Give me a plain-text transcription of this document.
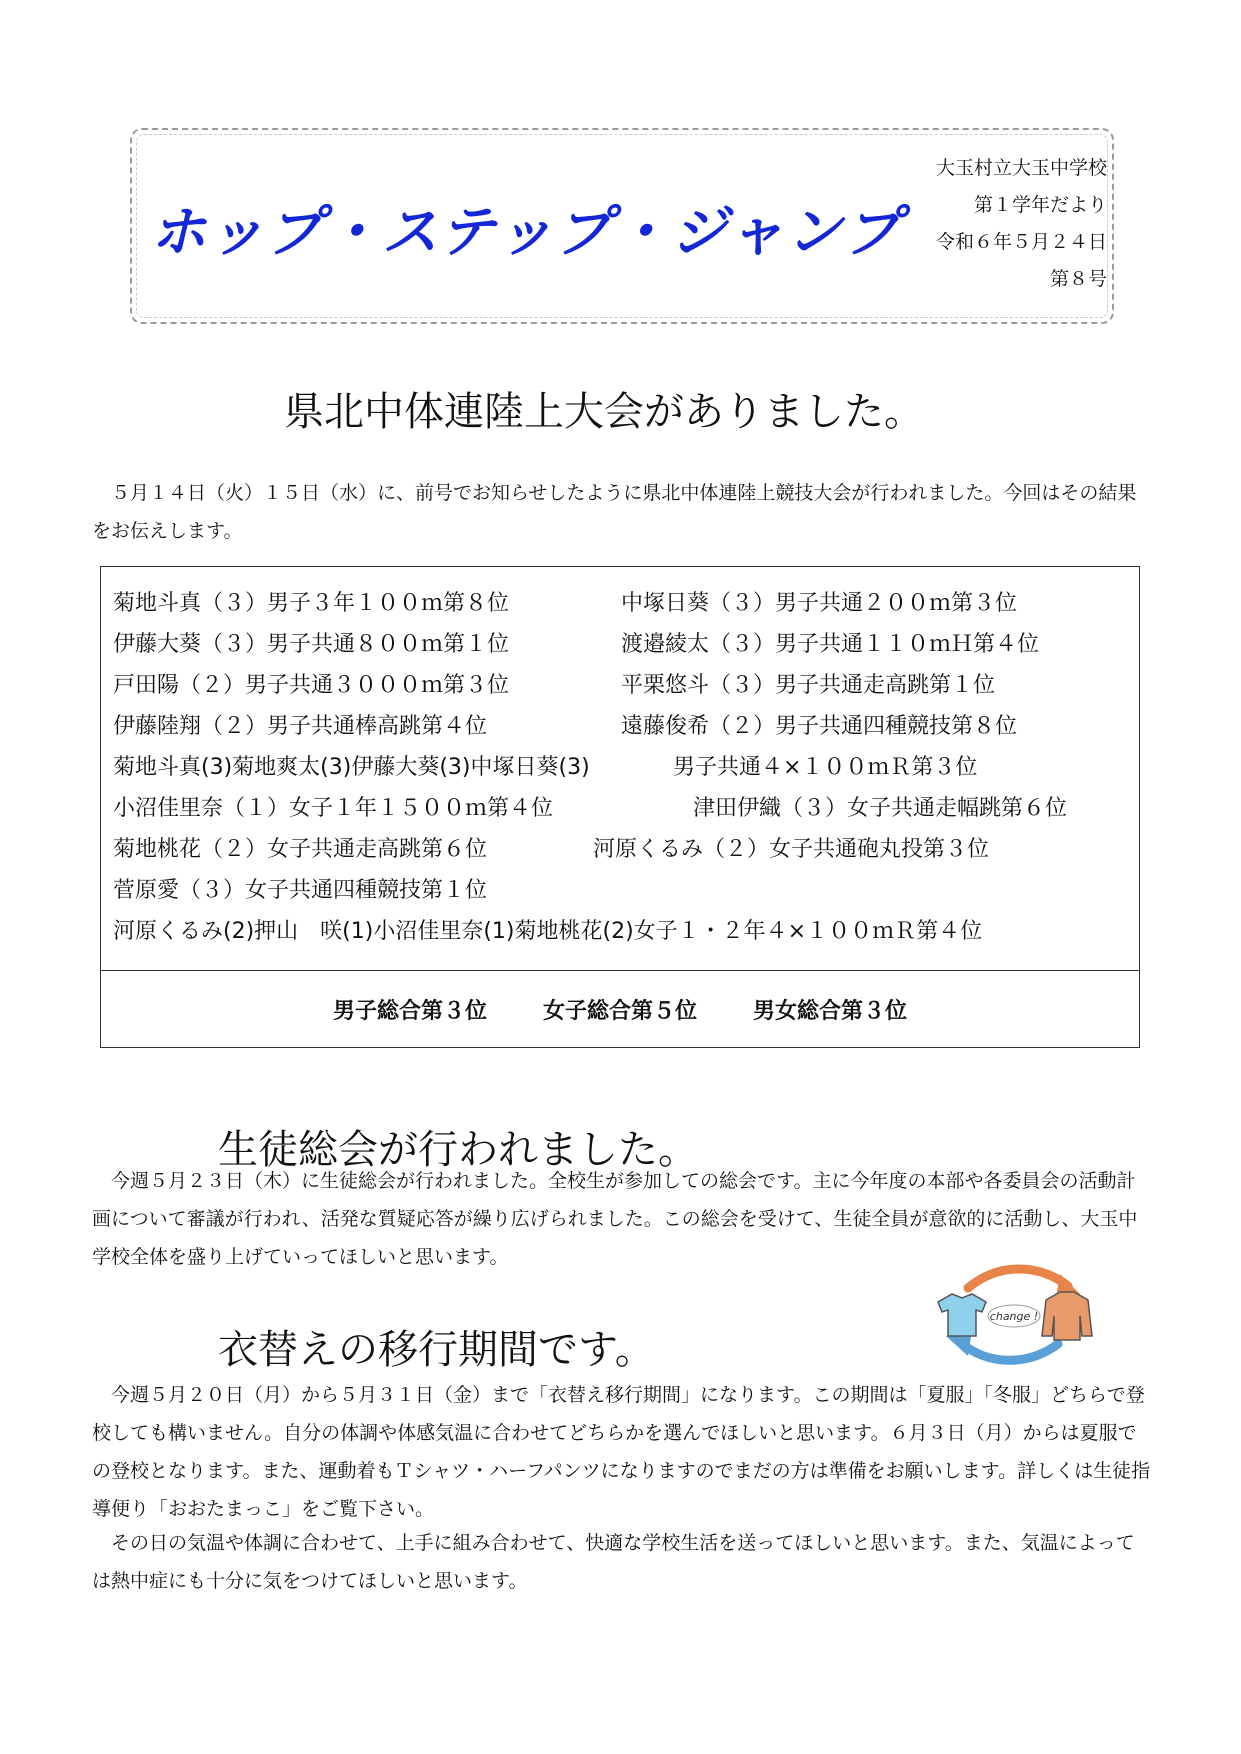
ホップ・ステップ・ジャンプ
大玉村立大玉中学校
第１学年だより
令和６年５月２４日
第８号
県北中体連陸上大会がありました。

５月１４日（火）１５日（水）に、前号でお知らせしたように県北中体連陸上競技大会が行われました。今回はその結果をお伝えします。

菊地斗真（３）男子３年１００ｍ第８位	中塚日葵（３）男子共通２００ｍ第３位
伊藤大葵（３）男子共通８００ｍ第１位	渡邉綾太（３）男子共通１１０ｍＨ第４位
戸田陽（２）男子共通３０００ｍ第３位	平栗悠斗（３）男子共通走高跳第１位
伊藤陸翔（２）男子共通棒高跳第４位	遠藤俊希（２）男子共通四種競技第８位
菊地斗真(3)菊地爽太(3)伊藤大葵(3)中塚日葵(3)	男子共通４×１００ｍＲ第３位
小沼佳里奈（１）女子１年１５００ｍ第４位	津田伊織（３）女子共通走幅跳第６位
菊地桃花（２）女子共通走高跳第６位	河原くるみ（２）女子共通砲丸投第３位
菅原愛（３）女子共通四種競技第１位
河原くるみ(2)押山　咲(1)小沼佳里奈(1)菊地桃花(2)女子１・２年４×１００ｍＲ第４位
男子総合第３位	女子総合第５位	男女総合第３位
生徒総会が行われました。

今週５月２３日（木）に生徒総会が行われました。全校生が参加しての総会です。主に今年度の本部や各委員会の活動計画について審議が行われ、活発な質疑応答が繰り広げられました。この総会を受けて、生徒全員が意欲的に活動し、大玉中学校全体を盛り上げていってほしいと思います。

change !
衣替えの移行期間です。

今週５月２０日（月）から５月３１日（金）まで「衣替え移行期間」になります。この期間は「夏服」「冬服」どちらで登校しても構いません。自分の体調や体感気温に合わせてどちらかを選んでほしいと思います。６月３日（月）からは夏服での登校となります。また、運動着もＴシャツ・ハーフパンツになりますのでまだの方は準備をお願いします。詳しくは生徒指導便り「おおたまっこ」をご覧下さい。

その日の気温や体調に合わせて、上手に組み合わせて、快適な学校生活を送ってほしいと思います。また、気温によっては熱中症にも十分に気をつけてほしいと思います。
